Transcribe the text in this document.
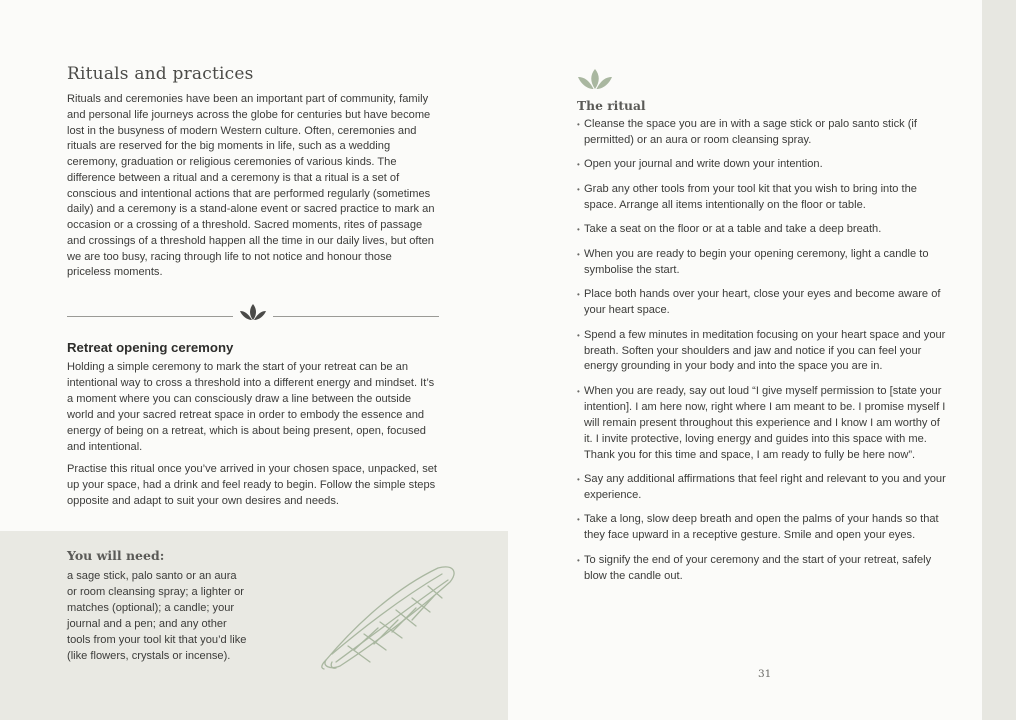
Rituals and practices

Rituals and ceremonies have been an important part of community, family and personal life journeys across the globe for centuries but have become lost in the busyness of modern Western culture. Often, ceremonies and rituals are reserved for the big moments in life, such as a wedding ceremony, graduation or religious ceremonies of various kinds. The difference between a ritual and a ceremony is that a ritual is a set of conscious and intentional actions that are performed regularly (sometimes daily) and a ceremony is a stand-alone event or sacred practice to mark an occasion or a crossing of a threshold. Sacred moments, rites of passage and crossings of a threshold happen all the time in our daily lives, but often we are too busy, racing through life to not notice and honour those priceless moments.

Retreat opening ceremony

Holding a simple ceremony to mark the start of your retreat can be an intentional way to cross a threshold into a different energy and mindset. It’s a moment where you can consciously draw a line between the outside world and your sacred retreat space in order to embody the essence and energy of being on a retreat, which is about being present, open, focused and intentional.

Practise this ritual once you’ve arrived in your chosen space, unpacked, set up your space, had a drink and feel ready to begin. Follow the simple steps opposite and adapt to suit your own desires and needs.

You will need:

a sage stick, palo santo or an aura or room cleansing spray; a lighter or matches (optional); a candle; your journal and a pen; and any other tools from your tool kit that you’d like (like flowers, crystals or incense).

The ritual
• Cleanse the space you are in with a sage stick or palo santo stick (if permitted) or an aura or room cleansing spray.
• Open your journal and write down your intention.
• Grab any other tools from your tool kit that you wish to bring into the space. Arrange all items intentionally on the floor or table.
• Take a seat on the floor or at a table and take a deep breath.
• When you are ready to begin your opening ceremony, light a candle to symbolise the start.
• Place both hands over your heart, close your eyes and become aware of your heart space.
• Spend a few minutes in meditation focusing on your heart space and your breath. Soften your shoulders and jaw and notice if you can feel your energy grounding in your body and into the space you are in.
• When you are ready, say out loud “I give myself permission to [state your intention]. I am here now, right where I am meant to be. I promise myself I will remain present throughout this experience and I know I am worthy of it. I invite protective, loving energy and guides into this space with me. Thank you for this time and space, I am ready to fully be here now”.
• Say any additional affirmations that feel right and relevant to you and your experience.
• Take a long, slow deep breath and open the palms of your hands so that they face upward in a receptive gesture. Smile and open your eyes.
• To signify the end of your ceremony and the start of your retreat, safely blow the candle out.
31
